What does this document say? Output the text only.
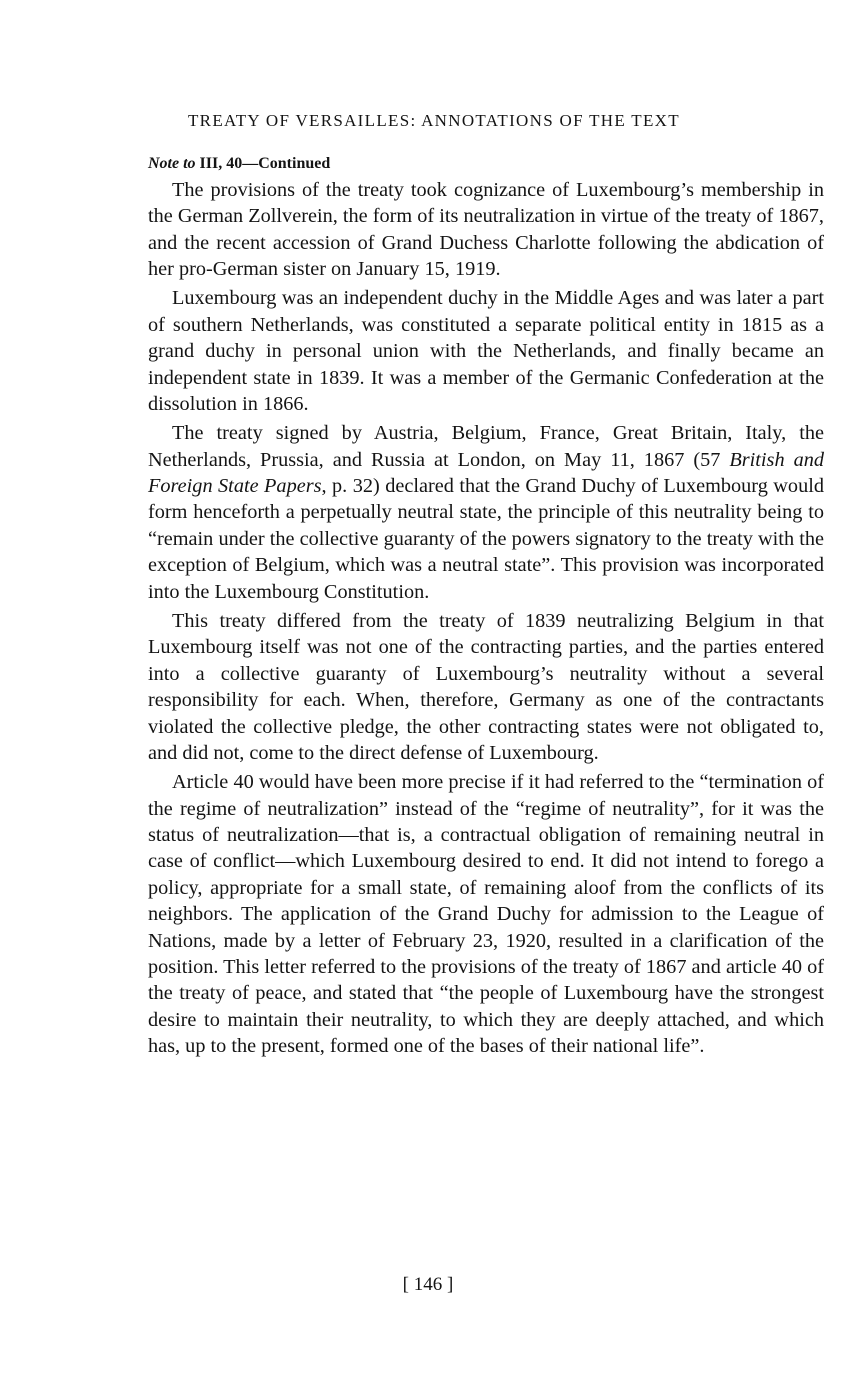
TREATY OF VERSAILLES: ANNOTATIONS OF THE TEXT
Note to III, 40—Continued

The provisions of the treaty took cognizance of Luxembourg’s membership in the German Zollverein, the form of its neutralization in virtue of the treaty of 1867, and the recent accession of Grand Duchess Charlotte following the abdication of her pro-German sister on January 15, 1919.

Luxembourg was an independent duchy in the Middle Ages and was later a part of southern Netherlands, was constituted a separate political entity in 1815 as a grand duchy in personal union with the Netherlands, and finally became an independent state in 1839. It was a member of the Germanic Confederation at the dissolution in 1866.

The treaty signed by Austria, Belgium, France, Great Britain, Italy, the Netherlands, Prussia, and Russia at London, on May 11, 1867 (57 British and Foreign State Papers, p. 32) declared that the Grand Duchy of Luxembourg would form henceforth a perpetually neutral state, the principle of this neutrality being to “remain under the collective guaranty of the powers signatory to the treaty with the exception of Belgium, which was a neutral state”. This provision was incorporated into the Luxembourg Constitution.

This treaty differed from the treaty of 1839 neutralizing Belgium in that Luxembourg itself was not one of the contracting parties, and the parties entered into a collective guaranty of Luxembourg’s neutrality without a several responsibility for each. When, therefore, Germany as one of the contractants violated the collective pledge, the other contracting states were not obligated to, and did not, come to the direct defense of Luxembourg.

Article 40 would have been more precise if it had referred to the “termination of the regime of neutralization” instead of the “regime of neutrality”, for it was the status of neutralization—that is, a contractual obligation of remaining neutral in case of conflict—which Luxembourg desired to end. It did not intend to forego a policy, appropriate for a small state, of remaining aloof from the conflicts of its neighbors. The application of the Grand Duchy for admission to the League of Nations, made by a letter of February 23, 1920, resulted in a clarification of the position. This letter referred to the provisions of the treaty of 1867 and article 40 of the treaty of peace, and stated that “the people of Luxembourg have the strongest desire to maintain their neutrality, to which they are deeply attached, and which has, up to the present, formed one of the bases of their national life”.

[ 146 ]
